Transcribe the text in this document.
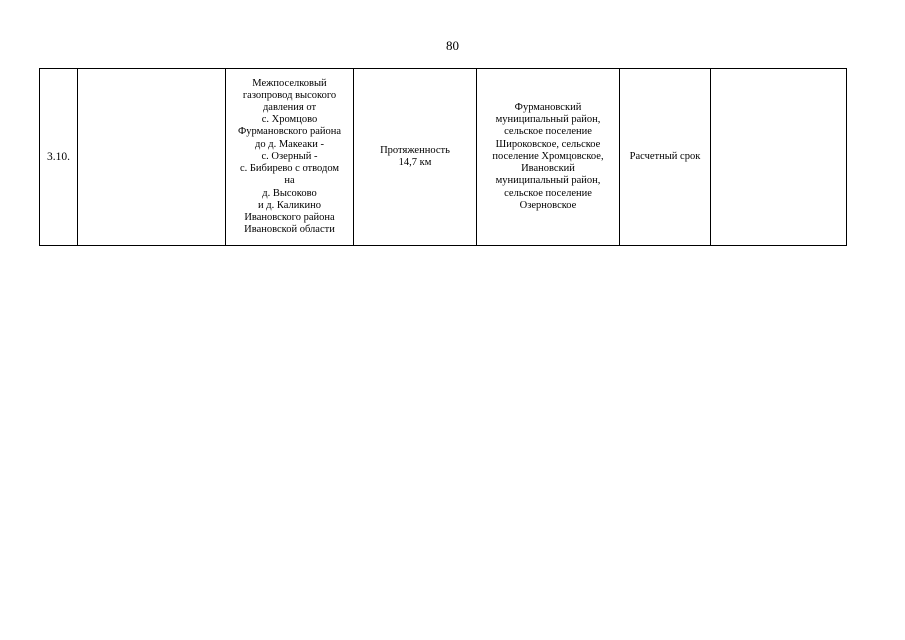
80
3.10.		Межпоселковый
газопровод высокого
давления от
с. Хромцово
Фурмановского района
до д. Макеаки -
с. Озерный -
с. Бибирево с отводом
на
д. Высоково
и д. Каликино
Ивановского района
Ивановской области	Протяженность
14,7 км	Фурмановский
муниципальный район,
сельское поселение
Широковское, сельское
поселение Хромцовское,
Ивановский
муниципальный район,
сельское поселение
Озерновское	Расчетный срок	
